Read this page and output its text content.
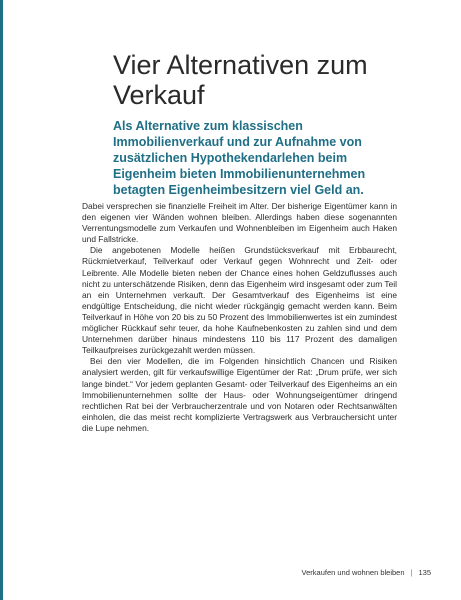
Vier Alternativen zum Verkauf

Als Alternative zum klassischen Immobilienverkauf und zur Aufnahme von zusätzlichen Hypothekendarlehen beim Eigenheim bieten Immobilienunternehmen betagten Eigenheimbesitzern viel Geld an.

Dabei versprechen sie finanzielle Freiheit im Alter. Der bisherige Eigentümer kann in den eigenen vier Wänden wohnen bleiben. Allerdings haben diese sogenannten Verrentungsmodelle zum Verkaufen und Wohnenbleiben im Eigenheim auch Haken und Fallstricke.

Die angebotenen Modelle heißen Grundstücksverkauf mit Erbbaurecht, Rückmietverkauf, Teilverkauf oder Verkauf gegen Wohnrecht und Zeit- oder Leibrente. Alle Modelle bieten neben der Chance eines hohen Geldzuflusses auch nicht zu unterschätzende Risiken, denn das Eigenheim wird insgesamt oder zum Teil an ein Unternehmen verkauft. Der Gesamtverkauf des Eigenheims ist eine endgültige Entscheidung, die nicht wieder rückgängig gemacht werden kann. Beim Teilverkauf in Höhe von 20 bis zu 50 Prozent des Immobilienwertes ist ein zumindest möglicher Rückkauf sehr teuer, da hohe Kaufnebenkosten zu zahlen sind und dem Unternehmen darüber hinaus mindestens 110 bis 117 Prozent des damaligen Teilkaufpreises zurückgezahlt werden müssen.

Bei den vier Modellen, die im Folgenden hinsichtlich Chancen und Risiken analysiert werden, gilt für verkaufswillige Eigentümer der Rat: „Drum prüfe, wer sich lange bindet.“ Vor jedem geplanten Gesamt- oder Teilverkauf des Eigenheims an ein Immobilienunternehmen sollte der Haus- oder Wohnungseigentümer dringend rechtlichen Rat bei der Verbraucherzentrale und von Notaren oder Rechtsanwälten einholen, die das meist recht komplizierte Vertragswerk aus Verbrauchersicht unter die Lupe nehmen.

Verkaufen und wohnen bleiben | 135
